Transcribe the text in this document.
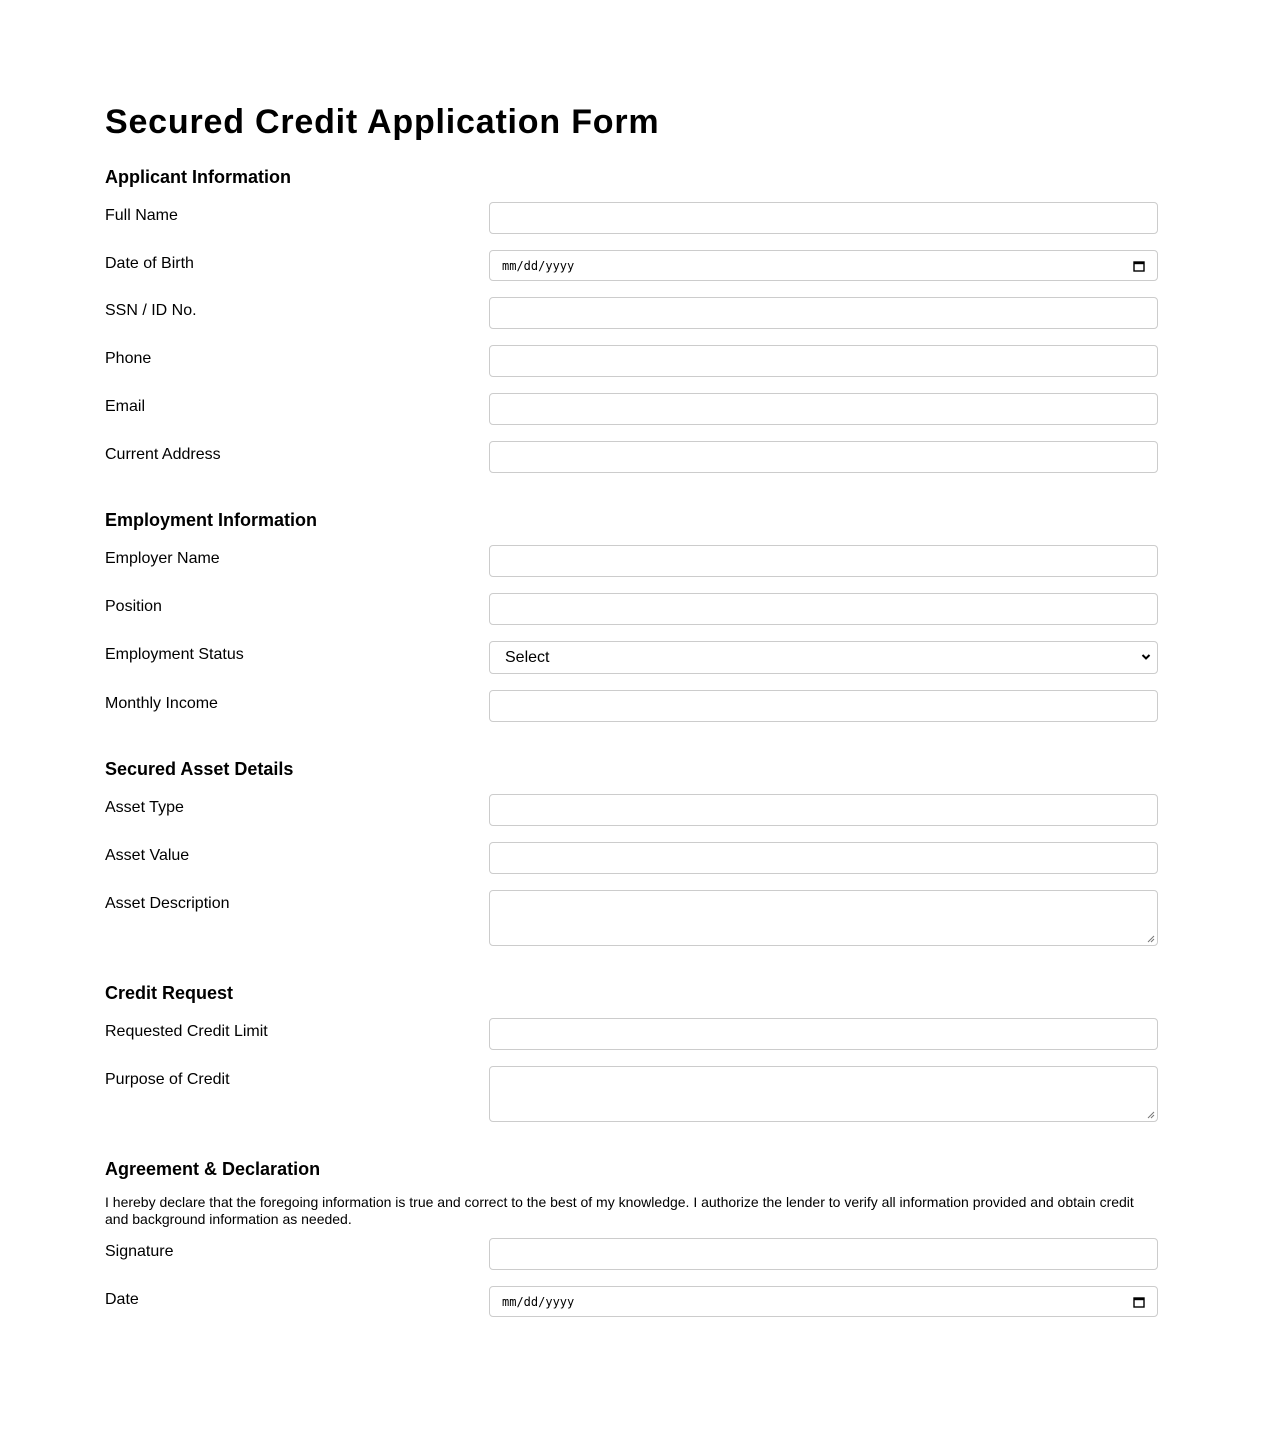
Secured Credit Application Form
Applicant Information
Full Name
Date of Birth	mm/dd/yyyy
SSN / ID No.
Phone
Email
Current Address
Employment Information
Employer Name
Position
Employment Status	Select
Monthly Income
Secured Asset Details
Asset Type
Asset Value
Asset Description
Credit Request
Requested Credit Limit
Purpose of Credit
Agreement & Declaration

I hereby declare that the foregoing information is true and correct to the best of my knowledge. I authorize the lender to verify all information provided and obtain credit and background information as needed.

Signature
Date	mm/dd/yyyy
